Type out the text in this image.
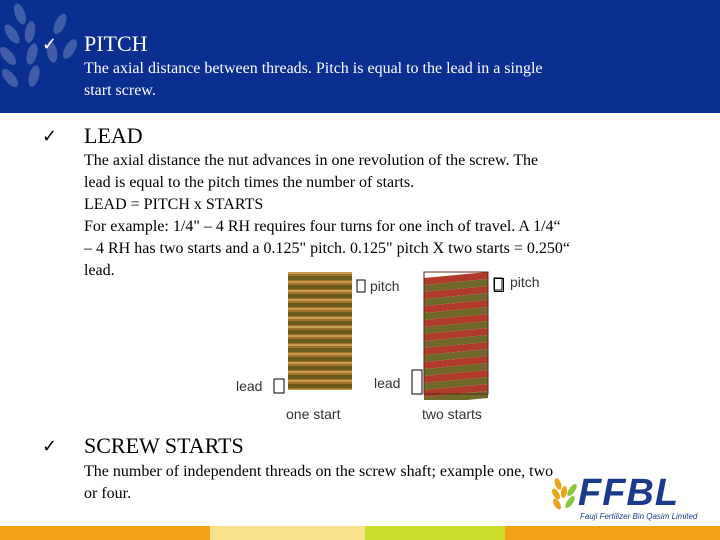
✓ PITCH
The axial distance between threads. Pitch is equal to the lead in a single
start screw.
✓ LEAD
The axial distance the nut advances in one revolution of the screw. The
lead is equal to the pitch times the number of starts.
LEAD = PITCH x STARTS
For example: 1/4" – 4 RH requires four turns for one inch of travel. A 1/4“
– 4 RH has two starts and a 0.125" pitch. 0.125" pitch X two starts = 0.250“
lead.
pitch
lead	lead
one start	two starts
pitch
✓ SCREW STARTS
The number of independent threads on the screw shaft; example one, two
or four.	FFBL
Fauji Fertilizer Bin Qasim Limited
